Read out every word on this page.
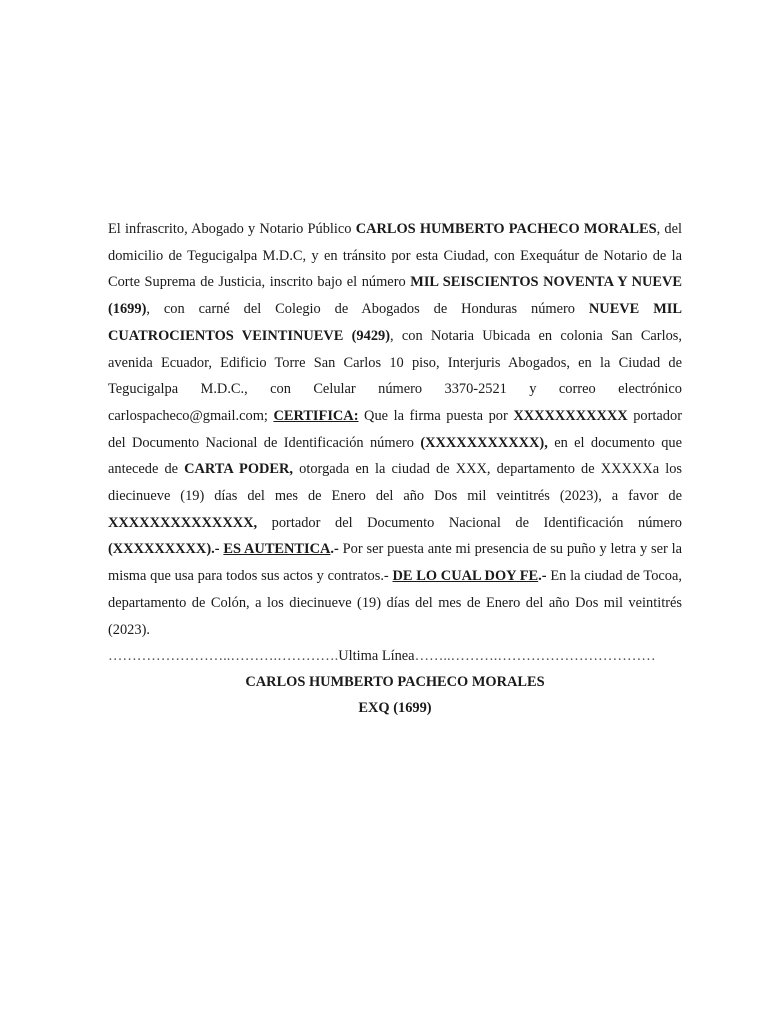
El infrascrito, Abogado y Notario Público CARLOS HUMBERTO PACHECO MORALES, del domicilio de Tegucigalpa M.D.C, y en tránsito por esta Ciudad, con Exequátur de Notario de la Corte Suprema de Justicia, inscrito bajo el número MIL SEISCIENTOS NOVENTA Y NUEVE (1699), con carné del Colegio de Abogados de Honduras número NUEVE MIL CUATROCIENTOS VEINTINUEVE (9429), con Notaria Ubicada en colonia San Carlos, avenida Ecuador, Edificio Torre San Carlos 10 piso, Interjuris Abogados, en la Ciudad de Tegucigalpa M.D.C., con Celular número 3370-2521 y correo electrónico carlospacheco@gmail.com; CERTIFICA: Que la firma puesta por XXXXXXXXXXX portador del Documento Nacional de Identificación número (XXXXXXXXXXX), en el documento que antecede de CARTA PODER, otorgada en la ciudad de XXX, departamento de XXXXXa los diecinueve (19) días del mes de Enero del año Dos mil veintitrés (2023), a favor de XXXXXXXXXXXXXX, portador del Documento Nacional de Identificación número (XXXXXXXXX).- ES AUTENTICA.- Por ser puesta ante mi presencia de su puño y letra y ser la misma que usa para todos sus actos y contratos.- DE LO CUAL DOY FE.- En la ciudad de Tocoa, departamento de Colón, a los diecinueve (19) días del mes de Enero del año Dos mil veintitrés (2023).

……………………..……….………….Ultima Línea……..……….……………………………
CARLOS HUMBERTO PACHECO MORALES
EXQ (1699)
